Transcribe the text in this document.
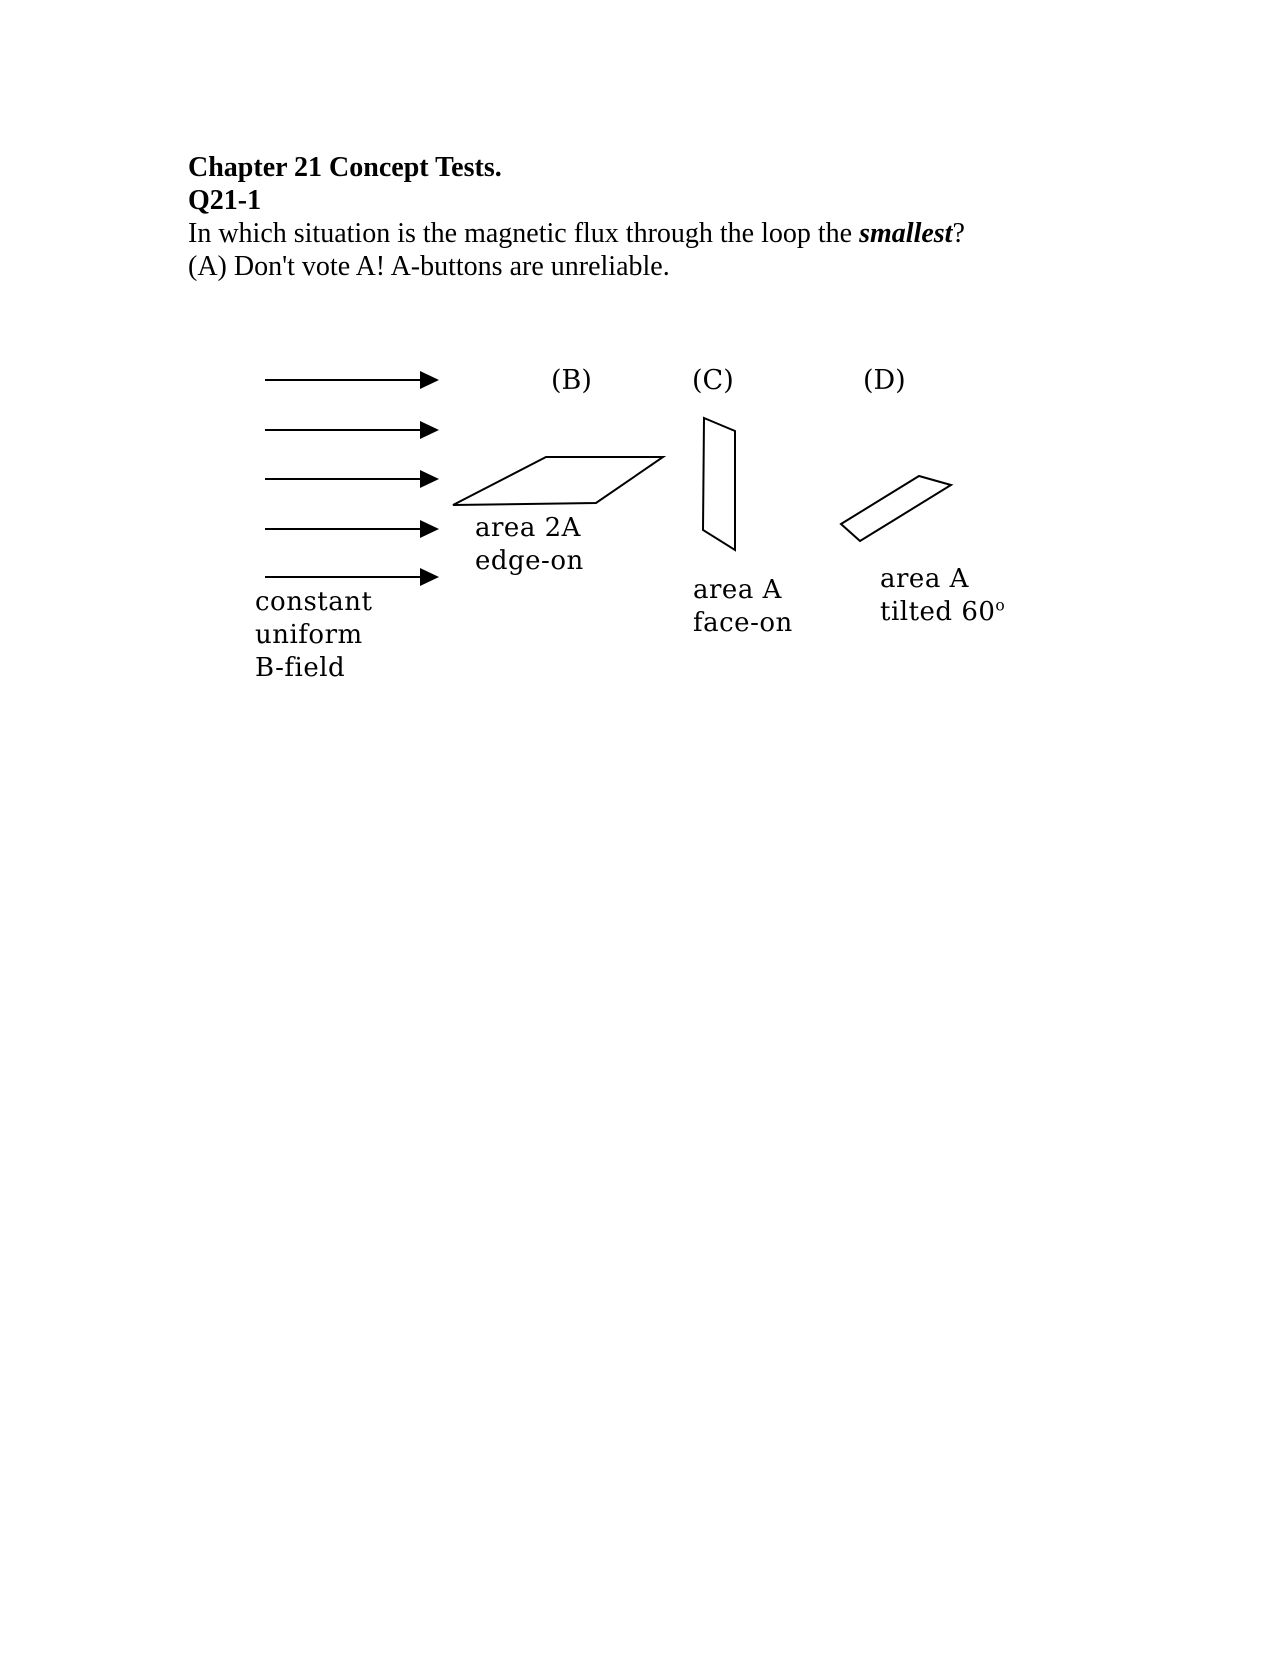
Chapter 21 Concept Tests.
Q21-1
In which situation is the magnetic flux through the loop the smallest?
(A) Don't vote A! A-buttons are unreliable.
(B)	(C)	(D)
constant
uniform
B-field
area 2A
edge-on
area A
face-on
area A
tilted 60$^o$
